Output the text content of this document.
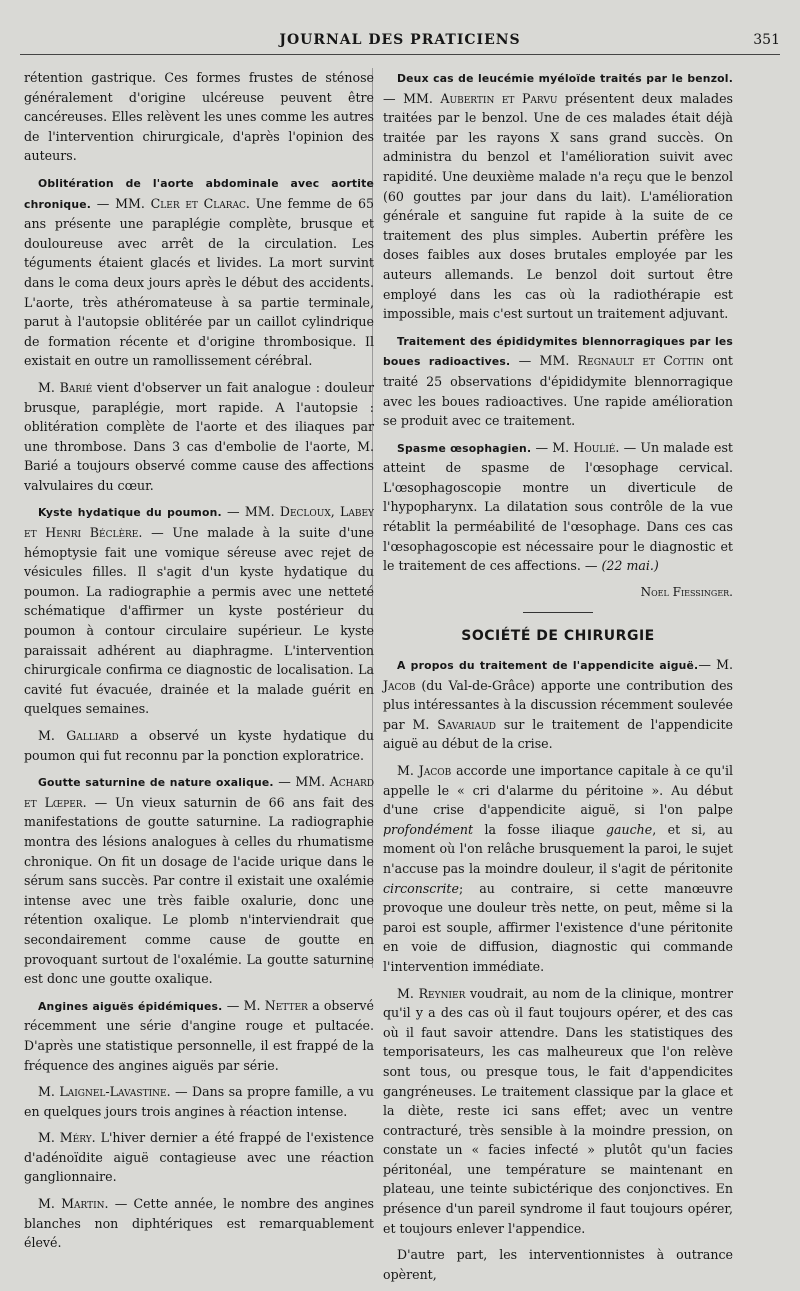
JOURNAL DES PRATICIENS	351

rétention gastrique. Ces formes frustes de sténose généralement d'origine ulcéreuse peuvent être cancéreuses. Elles relèvent les unes comme les autres de l'intervention chirurgicale, d'après l'opinion des auteurs.

Oblitération de l'aorte abdominale avec aortite chronique. — MM. Cler et Clarac. Une femme de 65 ans présente une paraplégie complète, brusque et douloureuse avec arrêt de la circulation. Les téguments étaient glacés et livides. La mort survint dans le coma deux jours après le début des accidents. L'aorte, très athéromateuse à sa partie terminale, parut à l'autopsie oblitérée par un caillot cylindrique de formation récente et d'origine thrombosique. Il existait en outre un ramollissement cérébral.

M. Barié vient d'observer un fait analogue : douleur brusque, paraplégie, mort rapide. A l'autopsie : oblitération complète de l'aorte et des iliaques par une thrombose. Dans 3 cas d'embolie de l'aorte, M. Barié a toujours observé comme cause des affections valvulaires du cœur.

Kyste hydatique du poumon. — MM. Decloux, Labey et Henri Béclère. — Une malade à la suite d'une hémoptysie fait une vomique séreuse avec rejet de vésicules filles. Il s'agit d'un kyste hydatique du poumon. La radiographie a permis avec une netteté schématique d'affirmer un kyste postérieur du poumon à contour circulaire supérieur. Le kyste paraissait adhérent au diaphragme. L'intervention chirurgicale confirma ce diagnostic de localisation. La cavité fut évacuée, drainée et la malade guérit en quelques semaines.

M. Galliard a observé un kyste hydatique du poumon qui fut reconnu par la ponction exploratrice.

Goutte saturnine de nature oxalique. — MM. Achard et Lœper. — Un vieux saturnin de 66 ans fait des manifestations de goutte saturnine. La radiographie montra des lésions analogues à celles du rhumatisme chronique. On fit un dosage de l'acide urique dans le sérum sans succès. Par contre il existait une oxalémie intense avec une très faible oxalurie, donc une rétention oxalique. Le plomb n'interviendrait que secondairement comme cause de goutte en provoquant surtout de l'oxalémie. La goutte saturnine est donc une goutte oxalique.

Angines aiguës épidémiques. — M. Netter a observé récemment une série d'angine rouge et pultacée. D'après une statistique personnelle, il est frappé de la fréquence des angines aiguës par série.

M. Laignel-Lavastine. — Dans sa propre famille, a vu en quelques jours trois angines à réaction intense.

M. Méry. L'hiver dernier a été frappé de l'existence d'adénoïdite aiguë contagieuse avec une réaction ganglionnaire.

M. Martin. — Cette année, le nombre des angines blanches non diphtériques est remarquablement élevé.

Deux cas de leucémie myéloïde traités par le benzol. — MM. Aubertin et Parvu présentent deux malades traitées par le benzol. Une de ces malades était déjà traitée par les rayons X sans grand succès. On administra du benzol et l'amélioration suivit avec rapidité. Une deuxième malade n'a reçu que le benzol (60 gouttes par jour dans du lait). L'amélioration générale et sanguine fut rapide à la suite de ce traitement des plus simples. Aubertin préfère les doses faibles aux doses brutales employée par les auteurs allemands. Le benzol doit surtout être employé dans les cas où la radiothérapie est impossible, mais c'est surtout un traitement adjuvant.

Traitement des épididymites blennorragiques par les boues radioactives. — MM. Regnault et Cottin ont traité 25 observations d'épididymite blennorragique avec les boues radioactives. Une rapide amélioration se produit avec ce traitement.

Spasme œsophagien. — M. Houlié. — Un malade est atteint de spasme de l'œsophage cervical. L'œsophagoscopie montre un diverticule de l'hypopharynx. La dilatation sous contrôle de la vue rétablit la perméabilité de l'œsophage. Dans ces cas l'œsophagoscopie est nécessaire pour le diagnostic et le traitement de ces affections. — (22 mai.)

Noel Fiessinger.
SOCIÉTÉ DE CHIRURGIE

A propos du traitement de l'appendicite aiguë.— M. Jacob (du Val-de-Grâce) apporte une contribution des plus intéressantes à la discussion récemment soulevée par M. Savariaud sur le traitement de l'appendicite aiguë au début de la crise.

M. Jacob accorde une importance capitale à ce qu'il appelle le « cri d'alarme du péritoine ». Au début d'une crise d'appendicite aiguë, si l'on palpe profondément la fosse iliaque gauche, et si, au moment où l'on relâche brusquement la paroi, le sujet n'accuse pas la moindre douleur, il s'agit de péritonite circonscrite; au contraire, si cette manœuvre provoque une douleur très nette, on peut, même si la paroi est souple, affirmer l'existence d'une péritonite en voie de diffusion, diagnostic qui commande l'intervention immédiate.

M. Reynier voudrait, au nom de la clinique, montrer qu'il y a des cas où il faut toujours opérer, et des cas où il faut savoir attendre. Dans les statistiques des temporisateurs, les cas malheureux que l'on relève sont tous, ou presque tous, le fait d'appendicites gangréneuses. Le traitement classique par la glace et la diète, reste ici sans effet; avec un ventre contracturé, très sensible à la moindre pression, on constate un « facies infecté » plutôt qu'un facies péritonéal, une température se maintenant en plateau, une teinte subictérique des conjonctives. En présence d'un pareil syndrome il faut toujours opérer, et toujours enlever l'appendice.

D'autre part, les interventionnistes à outrance opèrent,
